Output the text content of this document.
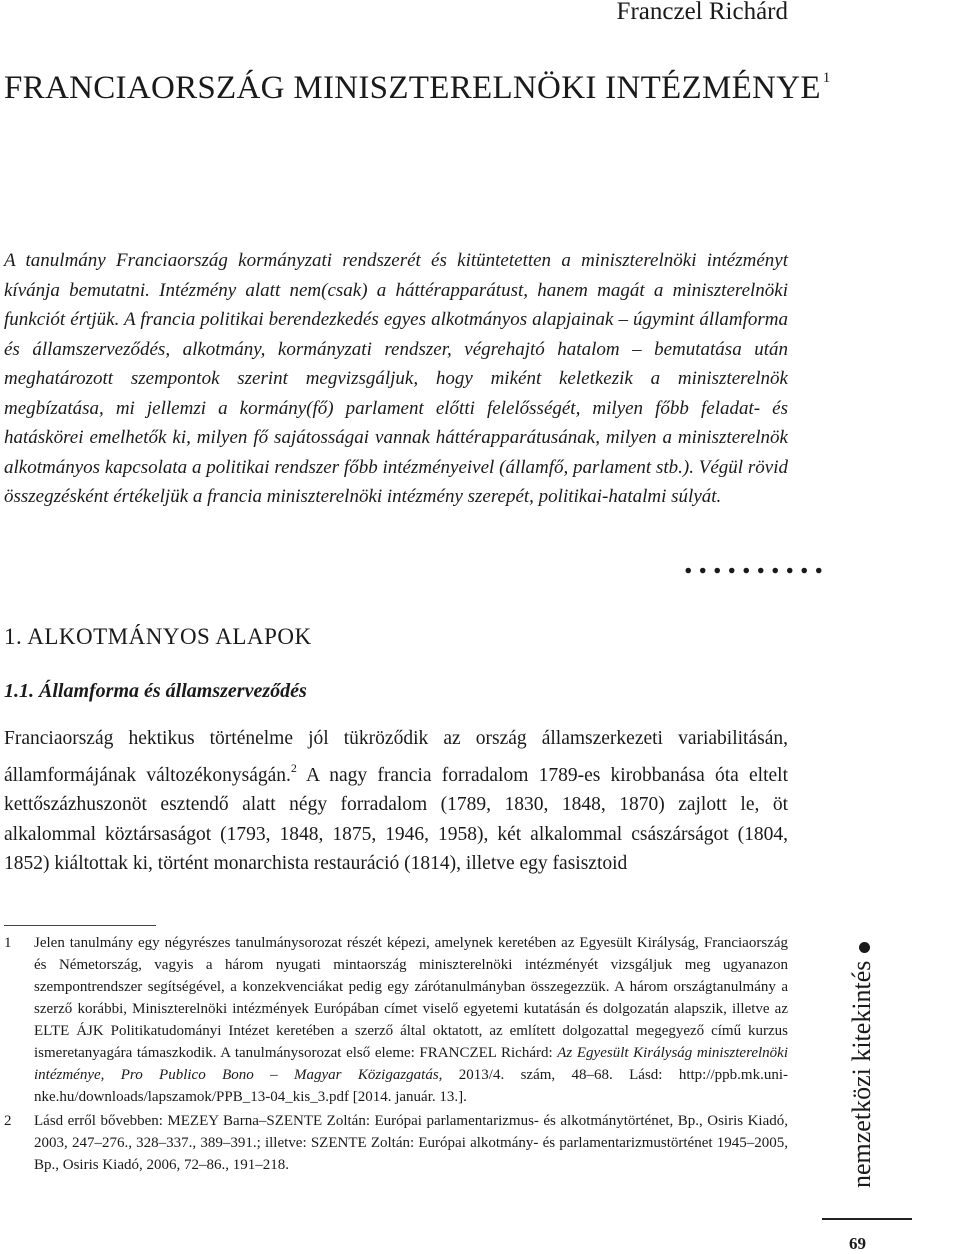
Franczel Richárd
FRANCIAORSZÁG MINISZTERELNÖKI INTÉZMÉNYE $^1$

A tanulmány Franciaország kormányzati rendszerét és kitüntetetten a miniszterelnöki intézményt kívánja bemutatni. Intézmény alatt nem(csak) a háttérapparátust, hanem magát a miniszterelnöki funkciót értjük. A francia politikai berendezkedés egyes alkotmányos alapjainak – úgymint államforma és államszerveződés, alkotmány, kormányzati rendszer, végrehajtó hatalom – bemutatása után meghatározott szempontok szerint megvizsgáljuk, hogy miként keletkezik a miniszterelnök megbízatása, mi jellemzi a kormány(fő) parlament előtti felelősségét, milyen főbb feladat- és hatáskörei emelhetők ki, milyen fő sajátosságai vannak háttérapparátusának, milyen a miniszterelnök alkotmányos kapcsolata a politikai rendszer főbb intézményeivel (államfő, parlament stb.). Végül rövid összegzésként értékeljük a francia miniszterelnöki intézmény szerepét, politikai-hatalmi súlyát.

..........
1. ALKOTMÁNYOS ALAPOK
1.1. Államforma és államszerveződés

Franciaország hektikus történelme jól tükröződik az ország államszerkezeti variabilitásán, államformájának változékonyságán.$^2$ A nagy francia forradalom 1789-es kirobbanása óta eltelt kettőszázhuszonöt esztendő alatt négy forradalom (1789, 1830, 1848, 1870) zajlott le, öt alkalommal köztársaságot (1793, 1848, 1875, 1946, 1958), két alkalommal császárságot (1804, 1852) kiáltottak ki, történt monarchista restauráció (1814), illetve egy fasisztoid

1 Jelen tanulmány egy négyrészes tanulmánysorozat részét képezi, amelynek keretében az Egyesült Királyság, Franciaország és Németország, vagyis a három nyugati mintaország miniszterelnöki intézményét vizsgáljuk meg ugyanazon szempontrendszer segítségével, a konzekvenciákat pedig egy zárótanulmányban összegezzük. A három országtanulmány a szerző korábbi, Miniszterelnöki intézmények Európában címet viselő egyetemi kutatásán és dolgozatán alapszik, illetve az ELTE ÁJK Politikatudományi Intézet keretében a szerző által oktatott, az említett dolgozattal megegyező című kurzus ismeretanyagára támaszkodik. A tanulmánysorozat első eleme: FRANCZEL Richárd: Az Egyesült Királyság miniszterelnöki intézménye, Pro Publico Bono – Magyar Közigazgatás, 2013/4. szám, 48–68. Lásd: http://ppb.mk.uni-nke.hu/downloads/lapszamok/PPB_13-04_kis_3.pdf [2014. január. 13.].
2 Lásd erről bővebben: MEZEY Barna–SZENTE Zoltán: Európai parlamentarizmus- és alkotmánytörténet, Bp., Osiris Kiadó, 2003, 247–276., 328–337., 389–391.; illetve: SZENTE Zoltán: Európai alkotmány- és parlamentarizmustörténet 1945–2005, Bp., Osiris Kiadó, 2006, 72–86., 191–218.	nemzetközi kitekintés
69
